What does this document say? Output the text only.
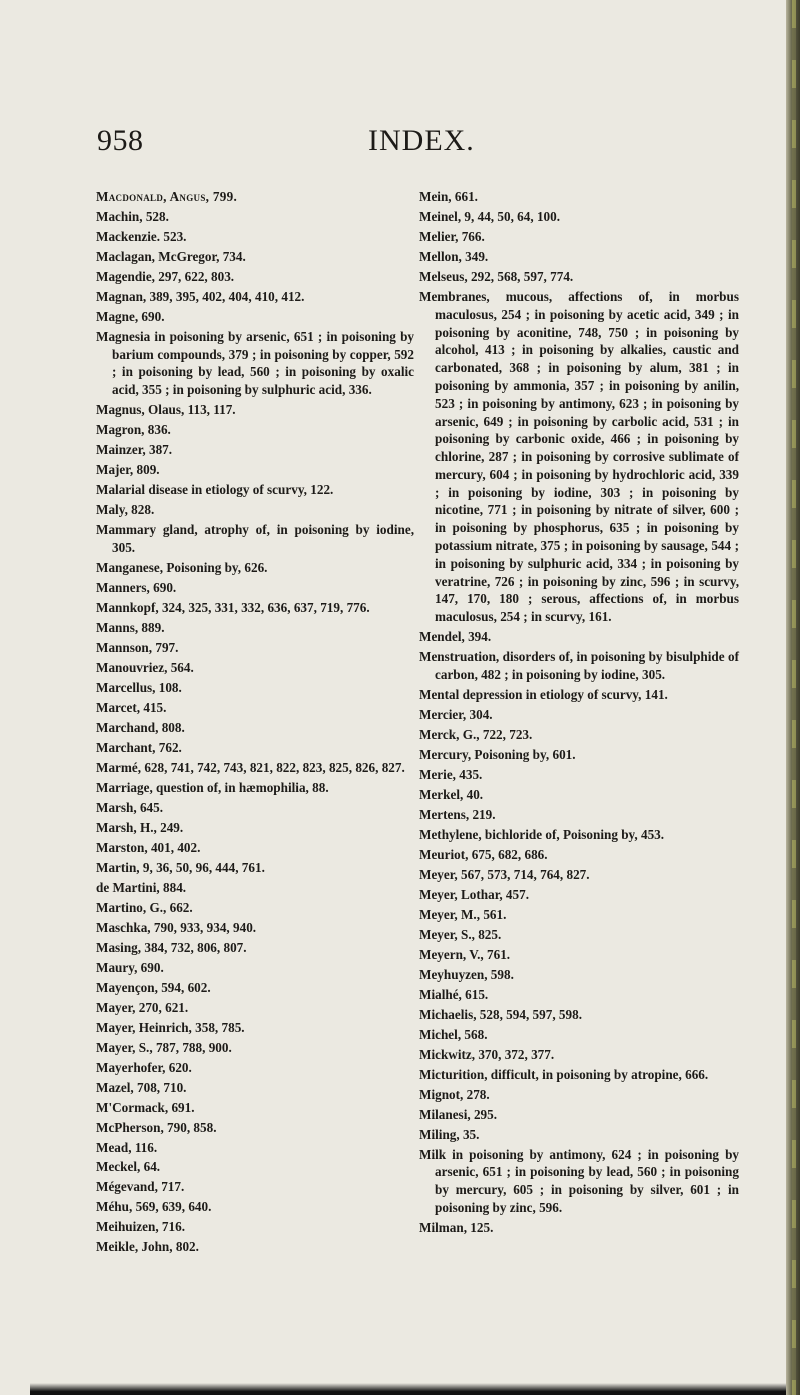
958	INDEX.

Macdonald, Angus, 799.

Machin, 528.

Mackenzie. 523.

Maclagan, McGregor, 734.

Magendie, 297, 622, 803.

Magnan, 389, 395, 402, 404, 410, 412.

Magne, 690.

Magnesia in poisoning by arsenic, 651 ; in poisoning by barium compounds, 379 ; in poisoning by copper, 592 ; in poisoning by lead, 560 ; in poisoning by oxalic acid, 355 ; in poisoning by sulphuric acid, 336.

Magnus, Olaus, 113, 117.

Magron, 836.

Mainzer, 387.

Majer, 809.

Malarial disease in etiology of scurvy, 122.

Maly, 828.

Mammary gland, atrophy of, in poisoning by iodine, 305.

Manganese, Poisoning by, 626.

Manners, 690.

Mannkopf, 324, 325, 331, 332, 636, 637, 719, 776.

Manns, 889.

Mannson, 797.

Manouvriez, 564.

Marcellus, 108.

Marcet, 415.

Marchand, 808.

Marchant, 762.

Marmé, 628, 741, 742, 743, 821, 822, 823, 825, 826, 827.

Marriage, question of, in hæmophilia, 88.

Marsh, 645.

Marsh, H., 249.

Marston, 401, 402.

Martin, 9, 36, 50, 96, 444, 761.

de Martini, 884.

Martino, G., 662.

Maschka, 790, 933, 934, 940.

Masing, 384, 732, 806, 807.

Maury, 690.

Mayençon, 594, 602.

Mayer, 270, 621.

Mayer, Heinrich, 358, 785.

Mayer, S., 787, 788, 900.

Mayerhofer, 620.

Mazel, 708, 710.

M'Cormack, 691.

McPherson, 790, 858.

Mead, 116.

Meckel, 64.

Mégevand, 717.

Méhu, 569, 639, 640.

Meihuizen, 716.

Meikle, John, 802.

Mein, 661.

Meinel, 9, 44, 50, 64, 100.

Melier, 766.

Mellon, 349.

Melseus, 292, 568, 597, 774.

Membranes, mucous, affections of, in morbus maculosus, 254 ; in poisoning by acetic acid, 349 ; in poisoning by aconitine, 748, 750 ; in poisoning by alcohol, 413 ; in poisoning by alkalies, caustic and carbonated, 368 ; in poisoning by alum, 381 ; in poisoning by ammonia, 357 ; in poisoning by anilin, 523 ; in poisoning by antimony, 623 ; in poisoning by arsenic, 649 ; in poisoning by carbolic acid, 531 ; in poisoning by carbonic oxide, 466 ; in poisoning by chlorine, 287 ; in poisoning by corrosive sublimate of mercury, 604 ; in poisoning by hydrochloric acid, 339 ; in poisoning by iodine, 303 ; in poisoning by nicotine, 771 ; in poisoning by nitrate of silver, 600 ; in poisoning by phosphorus, 635 ; in poisoning by potassium nitrate, 375 ; in poisoning by sausage, 544 ; in poisoning by sulphuric acid, 334 ; in poisoning by veratrine, 726 ; in poisoning by zinc, 596 ; in scurvy, 147, 170, 180 ; serous, affections of, in morbus maculosus, 254 ; in scurvy, 161.

Mendel, 394.

Menstruation, disorders of, in poisoning by bisulphide of carbon, 482 ; in poisoning by iodine, 305.

Mental depression in etiology of scurvy, 141.

Mercier, 304.

Merck, G., 722, 723.

Mercury, Poisoning by, 601.

Merie, 435.

Merkel, 40.

Mertens, 219.

Methylene, bichloride of, Poisoning by, 453.

Meuriot, 675, 682, 686.

Meyer, 567, 573, 714, 764, 827.

Meyer, Lothar, 457.

Meyer, M., 561.

Meyer, S., 825.

Meyern, V., 761.

Meyhuyzen, 598.

Mialhé, 615.

Michaelis, 528, 594, 597, 598.

Michel, 568.

Mickwitz, 370, 372, 377.

Micturition, difficult, in poisoning by atropine, 666.

Mignot, 278.

Milanesi, 295.

Miling, 35.

Milk in poisoning by antimony, 624 ; in poisoning by arsenic, 651 ; in poisoning by lead, 560 ; in poisoning by mercury, 605 ; in poisoning by silver, 601 ; in poisoning by zinc, 596.

Milman, 125.
